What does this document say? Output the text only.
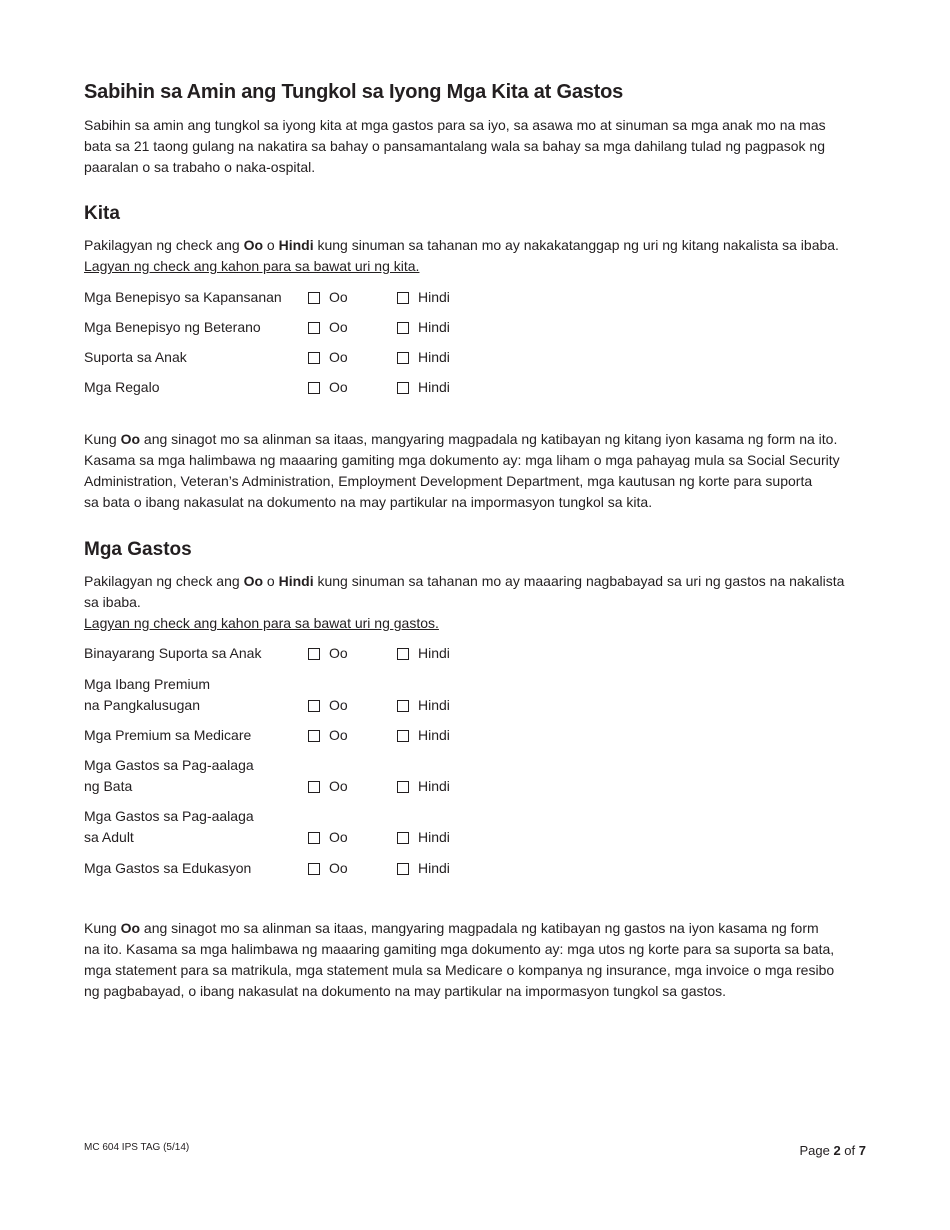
Sabihin sa Amin ang Tungkol sa Iyong Mga Kita at Gastos
Sabihin sa amin ang tungkol sa iyong kita at mga gastos para sa iyo, sa asawa mo at sinuman sa mga anak mo na mas
bata sa 21 taong gulang na nakatira sa bahay o pansamantalang wala sa bahay sa mga dahilang tulad ng pagpasok ng
paaralan o sa trabaho o naka-ospital.
Kita
Pakilagyan ng check ang Oo o Hindi kung sinuman sa tahanan mo ay nakakatanggap ng uri ng kitang nakalista sa ibaba.
Lagyan ng check ang kahon para sa bawat uri ng kita.
Mga Benepisyo sa Kapansanan	Oo	Hindi
Mga Benepisyo ng Beterano	Oo	Hindi
Suporta sa Anak	Oo	Hindi
Mga Regalo	Oo	Hindi
Kung Oo ang sinagot mo sa alinman sa itaas, mangyaring magpadala ng katibayan ng kitang iyon kasama ng form na ito.
Kasama sa mga halimbawa ng maaaring gamiting mga dokumento ay: mga liham o mga pahayag mula sa Social Security
Administration, Veteran’s Administration, Employment Development Department, mga kautusan ng korte para suporta
sa bata o ibang nakasulat na dokumento na may partikular na impormasyon tungkol sa kita.
Mga Gastos
Pakilagyan ng check ang Oo o Hindi kung sinuman sa tahanan mo ay maaaring nagbabayad sa uri ng gastos na nakalista
sa ibaba.
Lagyan ng check ang kahon para sa bawat uri ng gastos.
Binayarang Suporta sa Anak	Oo	Hindi
Mga Ibang Premium
na Pangkalusugan	Oo	Hindi
Mga Premium sa Medicare	Oo	Hindi
Mga Gastos sa Pag-aalaga
ng Bata	Oo	Hindi
Mga Gastos sa Pag-aalaga
sa Adult	Oo	Hindi
Mga Gastos sa Edukasyon	Oo	Hindi
Kung Oo ang sinagot mo sa alinman sa itaas, mangyaring magpadala ng katibayan ng gastos na iyon kasama ng form
na ito. Kasama sa mga halimbawa ng maaaring gamiting mga dokumento ay: mga utos ng korte para sa suporta sa bata,
mga statement para sa matrikula, mga statement mula sa Medicare o kompanya ng insurance, mga invoice o mga resibo
ng pagbabayad, o ibang nakasulat na dokumento na may partikular na impormasyon tungkol sa gastos.
MC 604 IPS TAG (5/14)	Page 2 of 7
